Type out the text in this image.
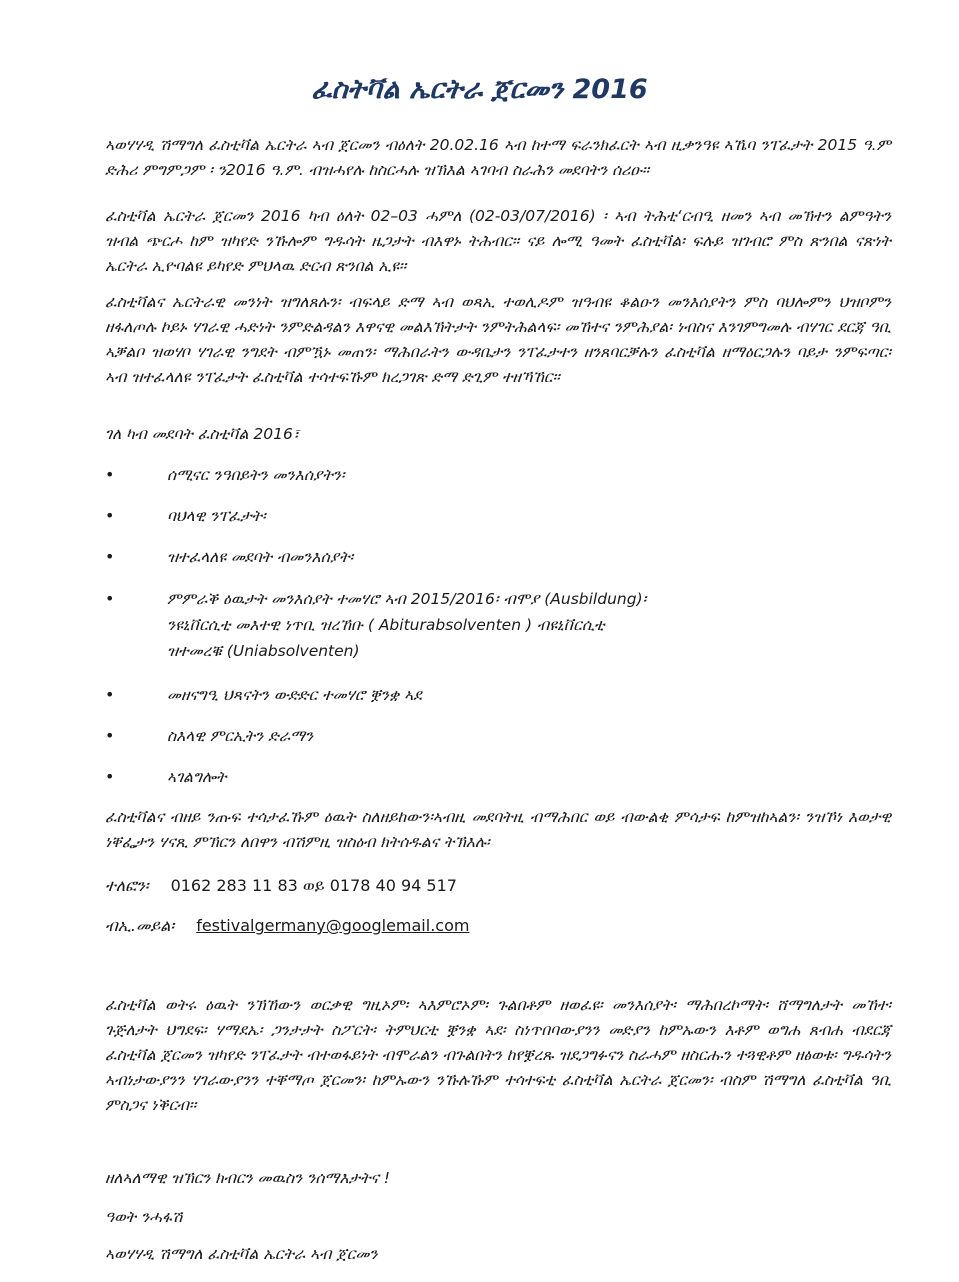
ፈስትቫል ኤርትራ ጀርመን 2016

ኣወሃሃዲ ሽማግለ ፈስቲቫል ኤርትራ ኣብ ጀርመን ብዕለት 20.02.16 ኣብ ከተማ ፍራንክፈርት ኣብ ዚቃንዓዩ ኣኼባ ንፐፈታት 2015 ዓ.ም ድሕሪ ምግምጋም ፡ ን2016 ዓ.ም. ብዝሓየሉ ከስርሓሉ ዝኽእል ኣገባብ ስራሕን መደባትን ሰሪዑ፡፡

ፈስቲቫል ኤርትራ ጀርመን 2016 ካብ ዕለት 02–03 ሓምለ (02-03/07/2016) ፡ ኣብ ትሕቲ‘ርብዒ ዘመን ኣብ መኽተን ልምዓትን ዝብል ጭርሖ ከም ዝካየድ ንኹሎም ግዱሳት ዜጋታት ብእዋኑ ትሕብር፡፡ ናይ ሎሚ ዓመት ፈስቲቫል፡ ፍሉይ ዝገብሮ ምስ ጽንበል ናጽነት ኤርትራ ኢዮባልዩ ይካየድ ምህላዉ ድርብ ጽንበል ኢዩ፡፡

ፈስቲቫልና ኤርትራዊ መንነት ዝግለጸሉን፡ ብፍላይ ድማ ኣብ ወጻኢ ተወሊዶም ዝዓብዩ ቆልዑን መንእሰያትን ምስ ባህሎምን ህዝቦምን ዘፋለጦሉ ኮይኑ ሃገራዊ ሓድነት ንምድልዳልን እዋናዊ መልእኽትታት ንምትሕልላፍ፡ መኸተና ንምሕያል፡ ነብስና እንገምግመሉ ብሃገር ደርጃ ዓቢ ኣቓልቦ ዝወሃቦ ሃገራዊ ንግደት ብምዃኑ መጠን፡ ማሕበራትን ውዳቤታን ንፐፈታተን ዘንጸባርቓሉን ፈስቲቫል ዘማዕርጋሉን ባይታ ንምፍጣር፡ ኣብ ዝተፈላለዩ ንፐፈታት ፈስቲቫል ተሳተፍኹም ክረጋገጽ ድማ ድጊም ተዘኻኸር፡፡

ገለ ካብ መደባት ፈስቲቫል 2016፣

•	ሰሚናር ንዓበይትን መንእሰያትን፡

•	ባህላዊ ንፐፈታት፡

•	ዝተፈላለዩ መደባት ብመንእሰያት፡

•	ምምራቕ ዕዉታት መንእሰያት ተመሃሮ ኣብ 2015/2016፡ ብሞያ (Ausbildung)፡
ንዩኒቨርሲቲ መእተዊ ነጥቢ ዝረኸቡ ( Abiturabsolventen ) ብዩኒቨርሲቲ
ዝተመረቑ (Uniabsolventen)
•	መዘናግዒ ህጻናትን ውድድር ተመሃሮ ቛንቋ ኣደ

•	ስእላዊ ምርኢትን ድራማን

•	ኣገልግሎት

ፈስቲቫልና ብዘይ ንጡፍ ተሳታፈኹም ዕዉት ስለዘይከውን፡ኣብዚ መደባትዚ ብማሕበር ወይ ብውልቂ ምሳታፍ ከምዝከኣልን፡ ንዝኾነ እወታዊ ነቐፌታን ሃናጺ ምኽርን ለበዋን ብሽምዚ ዝስዕብ ክትሰዱልና ትኽእሉ፡

ተለፎን፡ 0162 283 11 83 ወይ 0178 40 94 517

ብኢ.መይል፡ festivalgermany@googlemail.com

ፈስቲቫል ወትሩ ዕዉት ንኽኸውን ወርቃዊ ግዚኦም፡ ኣእምሮኦም፡ ጉልበቶም ዘወፈዩ፡ መንእሰያት፡ ማሕበረኮማት፡ ሸማግለታት መኸተ፡ ጉጅለታት ህግደፍ፡ ሃማደኤ፡ ጋንታታት ስፖርት፡ ትምህርቲ ቛንቋ ኣደ፡ ስነጥበባውያንን መድያን ከምኡውን እቶም ወግሐ ጸብሐ ብደርጃ ፈስቲቫል ጀርመን ዝካየድ ንፐፈታት ብተወፋይነት ብሞራልን ብጉልበትን ከየቛረጹ ዝደጋግፉናን ስራሓም ዘስርሑን ተጓዊቶም ዘፅወቱ፡ ግዱሳትን ኣብነታውያንን ሃገራውያንን ተቐማጦ ጀርመን፡ ከምኡውን ንኹሉኹም ተሳተፍቲ ፈስቲቫል ኤርትራ ጀርመን፡ ብስም ሽማግለ ፈስቲቫል ዓቢ ምስጋና ነቕርብ፡፡

ዘለኣለማዊ ዝኽርን ክብርን መዉስን ንሰማእታትና !

ዓወት ንሓፋሽ

ኣወሃሃዲ ሽማግለ ፈስቲቫል ኤርትራ ኣብ ጀርመን
